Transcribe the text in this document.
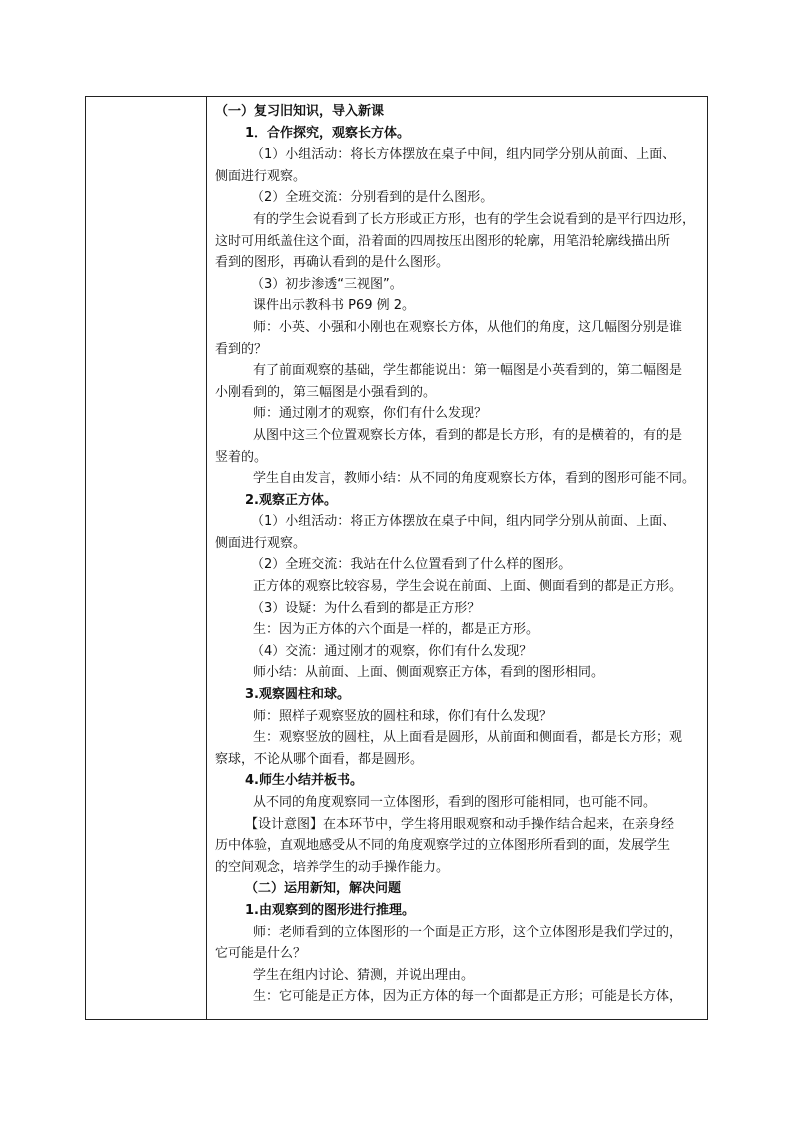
（一）复习旧知识，导入新课
1．合作探究，观察长方体。
（1）小组活动：将长方体摆放在桌子中间，组内同学分别从前面、上面、
侧面进行观察。
（2）全班交流：分别看到的是什么图形。
有的学生会说看到了长方形或正方形，也有的学生会说看到的是平行四边形，
这时可用纸盖住这个面，沿着面的四周按压出图形的轮廓，用笔沿轮廓线描出所
看到的图形，再确认看到的是什么图形。
（3）初步渗透“三视图”。
课件出示教科书 P69 例 2。
师：小英、小强和小刚也在观察长方体，从他们的角度，这几幅图分别是谁
看到的？
有了前面观察的基础，学生都能说出：第一幅图是小英看到的，第二幅图是
小刚看到的，第三幅图是小强看到的。
师：通过刚才的观察，你们有什么发现？
从图中这三个位置观察长方体，看到的都是长方形，有的是横着的，有的是
竖着的。
学生自由发言，教师小结：从不同的角度观察长方体，看到的图形可能不同。
2.观察正方体。
（1）小组活动：将正方体摆放在桌子中间，组内同学分别从前面、上面、
侧面进行观察。
（2）全班交流：我站在什么位置看到了什么样的图形。
正方体的观察比较容易，学生会说在前面、上面、侧面看到的都是正方形。
（3）设疑：为什么看到的都是正方形？
生：因为正方体的六个面是一样的，都是正方形。
（4）交流：通过刚才的观察，你们有什么发现？
师小结：从前面、上面、侧面观察正方体，看到的图形相同。
3.观察圆柱和球。
师：照样子观察竖放的圆柱和球，你们有什么发现？
生：观察竖放的圆柱，从上面看是圆形，从前面和侧面看，都是长方形；观
察球，不论从哪个面看，都是圆形。
4.师生小结并板书。
从不同的角度观察同一立体图形，看到的图形可能相同，也可能不同。
【设计意图】在本环节中，学生将用眼观察和动手操作结合起来，在亲身经
历中体验，直观地感受从不同的角度观察学过的立体图形所看到的面，发展学生
的空间观念，培养学生的动手操作能力。
（二）运用新知，解决问题
1.由观察到的图形进行推理。
师：老师看到的立体图形的一个面是正方形，这个立体图形是我们学过的，
它可能是什么？
学生在组内讨论、猜测，并说出理由。
生：它可能是正方体，因为正方体的每一个面都是正方形；可能是长方体，
